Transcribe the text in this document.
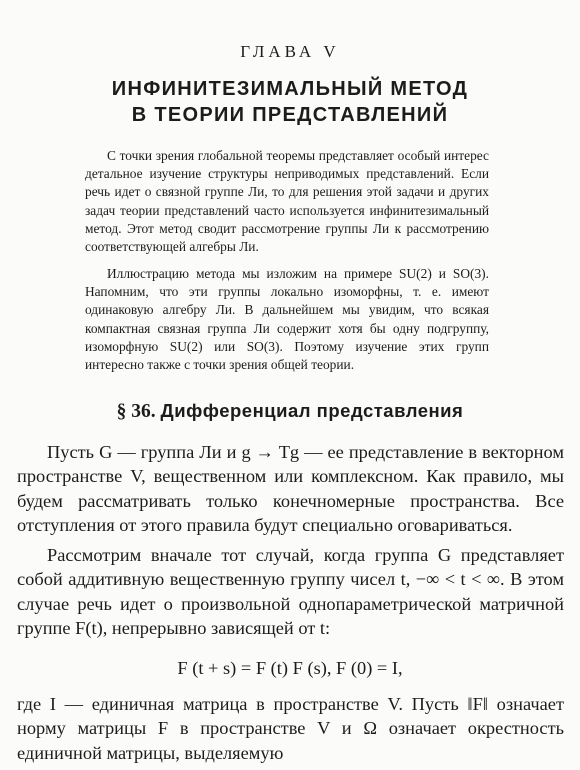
ГЛАВА V
ИНФИНИТЕЗИМАЛЬНЫЙ МЕТОД
В ТЕОРИИ ПРЕДСТАВЛЕНИЙ

С точки зрения глобальной теоремы представляет особый интерес детальное изучение структуры неприводимых представлений. Если речь идет о связной группе Ли, то для решения этой задачи и других задач теории представлений часто используется инфинитезимальный метод. Этот метод сводит рассмотрение группы Ли к рассмотрению соответствующей алгебры Ли.

Иллюстрацию метода мы изложим на примере SU(2) и SO(3). Напомним, что эти группы локально изоморфны, т. е. имеют одинаковую алгебру Ли. В дальнейшем мы увидим, что всякая компактная связная группа Ли содержит хотя бы одну подгруппу, изоморфную SU(2) или SO(3). Поэтому изучение этих групп интересно также с точки зрения общей теории.

§ 36. Дифференциал представления

Пусть G — группа Ли и g → Tg — ее представление в векторном пространстве V, вещественном или комплексном. Как правило, мы будем рассматривать только конечномерные пространства. Все отступления от этого правила будут специально оговариваться.

Рассмотрим вначале тот случай, когда группа G представляет собой аддитивную вещественную группу чисел t, −∞ < t < ∞. В этом случае речь идет о произвольной однопараметрической матричной группе F(t), непрерывно зависящей от t:

F (t + s) = F (t) F (s), F (0) = I,

где I — единичная матрица в пространстве V. Пусть ‖F‖ означает норму матрицы F в пространстве V и Ω означает окрестность единичной матрицы, выделяемую
